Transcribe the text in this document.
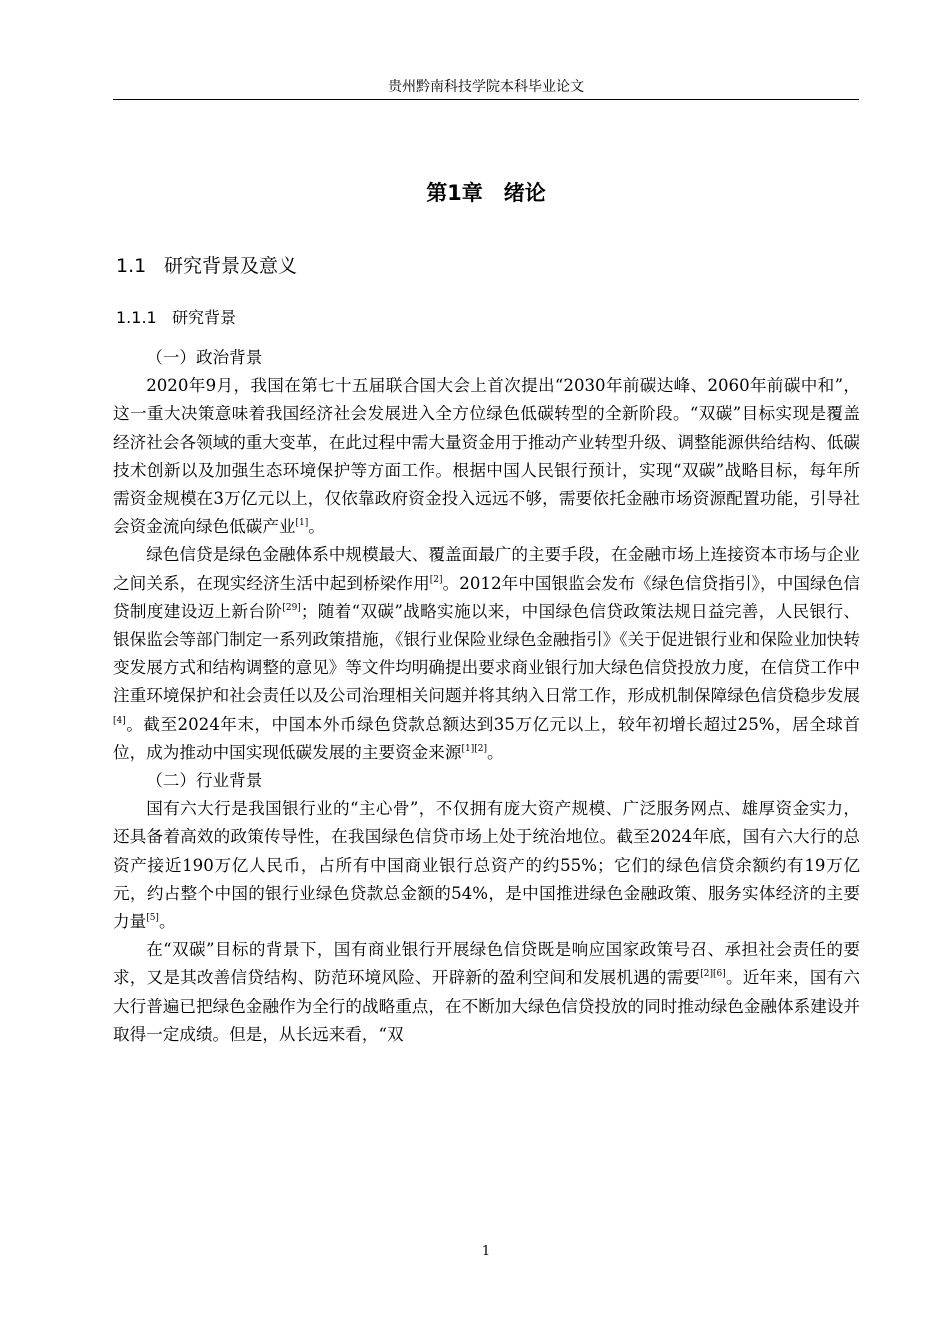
贵州黔南科技学院本科毕业论文
第1章　绪论
1.1 研究背景及意义
1.1.1 研究背景

（一）政治背景

2020年9月，我国在第七十五届联合国大会上首次提出“2030年前碳达峰、2060年前碳中和”，这一重大决策意味着我国经济社会发展进入全方位绿色低碳转型的全新阶段。“双碳”目标实现是覆盖经济社会各领域的重大变革，在此过程中需大量资金用于推动产业转型升级、调整能源供给结构、低碳技术创新以及加强生态环境保护等方面工作。根据中国人民银行预计，实现“双碳”战略目标，每年所需资金规模在3万亿元以上，仅依靠政府资金投入远远不够，需要依托金融市场资源配置功能，引导社会资金流向绿色低碳产业[1]。

绿色信贷是绿色金融体系中规模最大、覆盖面最广的主要手段，在金融市场上连接资本市场与企业之间关系，在现实经济生活中起到桥梁作用[2]。2012年中国银监会发布《绿色信贷指引》，中国绿色信贷制度建设迈上新台阶[29]；随着“双碳”战略实施以来，中国绿色信贷政策法规日益完善，人民银行、银保监会等部门制定一系列政策措施，《银行业保险业绿色金融指引》《关于促进银行业和保险业加快转变发展方式和结构调整的意见》等文件均明确提出要求商业银行加大绿色信贷投放力度，在信贷工作中注重环境保护和社会责任以及公司治理相关问题并将其纳入日常工作，形成机制保障绿色信贷稳步发展[4]。截至2024年末，中国本外币绿色贷款总额达到35万亿元以上，较年初增长超过25%，居全球首位，成为推动中国实现低碳发展的主要资金来源[1][2]。

（二）行业背景

国有六大行是我国银行业的“主心骨”，不仅拥有庞大资产规模、广泛服务网点、雄厚资金实力，还具备着高效的政策传导性，在我国绿色信贷市场上处于统治地位。截至2024年底，国有六大行的总资产接近190万亿人民币，占所有中国商业银行总资产的约55%；它们的绿色信贷余额约有19万亿元，约占整个中国的银行业绿色贷款总金额的54%，是中国推进绿色金融政策、服务实体经济的主要力量[5]。

在“双碳”目标的背景下，国有商业银行开展绿色信贷既是响应国家政策号召、承担社会责任的要求，又是其改善信贷结构、防范环境风险、开辟新的盈利空间和发展机遇的需要[2][6]。近年来，国有六大行普遍已把绿色金融作为全行的战略重点，在不断加大绿色信贷投放的同时推动绿色金融体系建设并取得一定成绩。但是，从长远来看，“双

1
